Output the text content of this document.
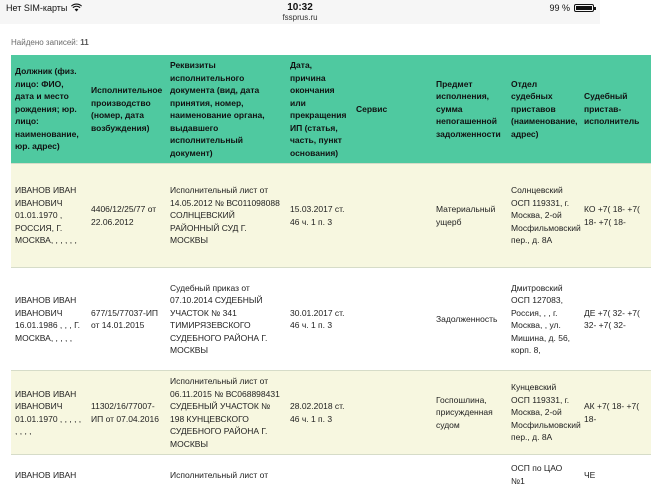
Нет SIM-карты	10:32
fssprus.ru
99 %
Найдено записей: 11
Должник (физ. лицо: ФИО, дата и место рождения; юр. лицо: наименование, юр. адрес)	Исполнительное производство (номер, дата возбуждения)	Реквизиты исполнительного документа (вид, дата принятия, номер, наименование органа, выдавшего исполнительный документ)	Дата, причина окончания или прекращения ИП (статья, часть, пункт основания)	Сервис	Предмет исполнения, сумма непогашенной задолженности	Отдел судебных приставов (наименование, адрес)	Судебный пристав-исполнитель
ИВАНОВ ИВАН ИВАНОВИЧ 01.01.1970 , РОССИЯ, Г. МОСКВА, , , , , ,	4406/12/25/77 от 22.06.2012	Исполнительный лист от 14.05.2012 № ВС011098088 СОЛНЦЕВСКИЙ РАЙОННЫЙ СУД Г. МОСКВЫ	15.03.2017 ст. 46 ч. 1 п. 3		Материальный ущерб	Солнцевский ОСП 119331, г. Москва, 2-ой Мосфильмовский пер., д. 8А	КО +7( 18- +7( 18- +7( 18-
ИВАНОВ ИВАН ИВАНОВИЧ 16.01.1986 , , , Г. МОСКВА, , , , ,	677/15/77037-ИП от 14.01.2015	Судебный приказ от 07.10.2014 СУДЕБНЫЙ УЧАСТОК № 341 ТИМИРЯЗЕВСКОГО СУДЕБНОГО РАЙОНА Г. МОСКВЫ	30.01.2017 ст. 46 ч. 1 п. 3		Задолженность	Дмитровский ОСП 127083, Россия, , , г. Москва, , ул. Мишина, д. 56, корп. 8,	ДЕ +7( 32- +7( 32- +7( 32-
ИВАНОВ ИВАН ИВАНОВИЧ 01.01.1970 , , , , , , , , ,	11302/16/77007-ИП от 07.04.2016	Исполнительный лист от 06.11.2015 № ВС068898431 СУДЕБНЫЙ УЧАСТОК № 198 КУНЦЕВСКОГО СУДЕБНОГО РАЙОНА Г. МОСКВЫ	28.02.2018 ст. 46 ч. 1 п. 3		Госпошлина, присужденная судом	Кунцевский ОСП 119331, г. Москва, 2-ой Мосфильмовский пер., д. 8А	АК +7( 18- +7( 18-
ИВАНОВ ИВАН		Исполнительный лист от				ОСП по ЦАО №1	ЧЕ
